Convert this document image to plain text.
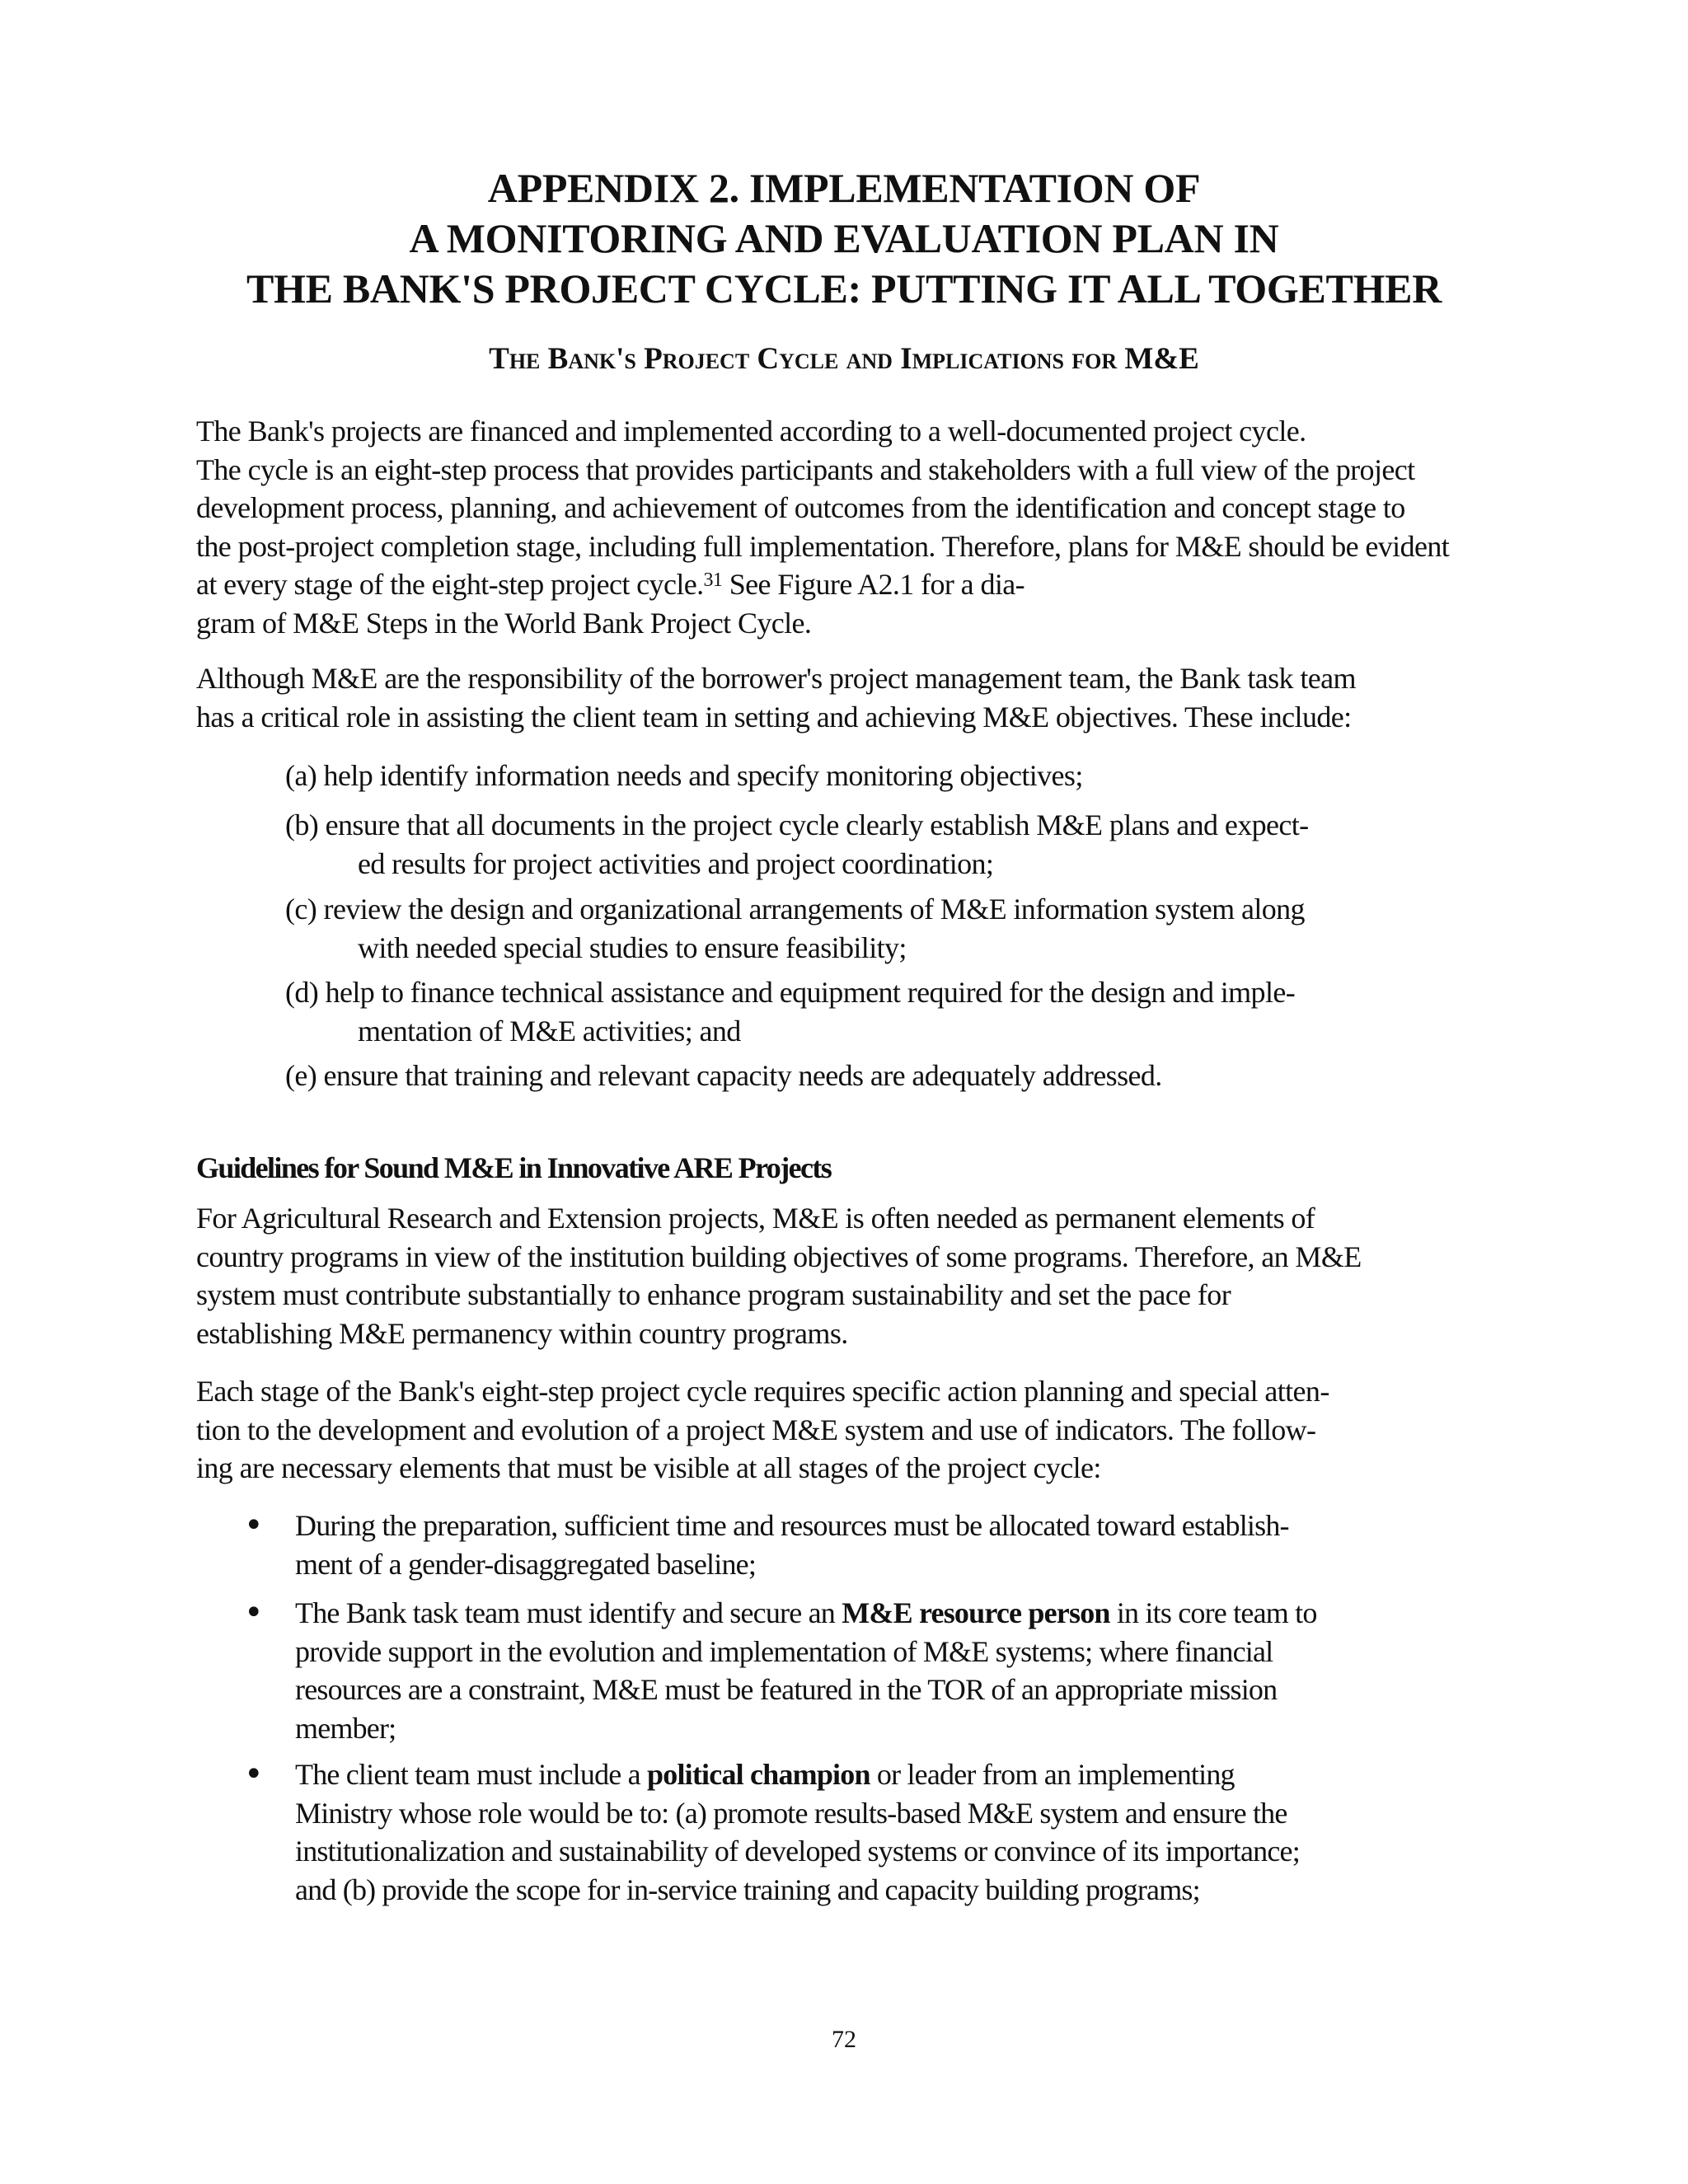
APPENDIX 2. IMPLEMENTATION OF
A MONITORING AND EVALUATION PLAN IN
THE BANK'S PROJECT CYCLE: PUTTING IT ALL TOGETHER
The Bank's Project Cycle and Implications for M&E
The Bank's projects are financed and implemented according to a well-documented project cycle.
The cycle is an eight-step process that provides participants and stakeholders with a full view of the project
development process, planning, and achievement of outcomes from the identification and concept stage to
the post-project completion stage, including full implementation. Therefore, plans for M&E should be evident
at every stage of the eight-step project cycle.$^{31}$ See Figure A2.1 for a dia-
gram of M&E Steps in the World Bank Project Cycle.
Although M&E are the responsibility of the borrower's project management team, the Bank task team
has a critical role in assisting the client team in setting and achieving M&E objectives. These include:
(a) help identify information needs and specify monitoring objectives;
(b) ensure that all documents in the project cycle clearly establish M&E plans and expect-
ed results for project activities and project coordination;
(c) review the design and organizational arrangements of M&E information system along
with needed special studies to ensure feasibility;
(d) help to finance technical assistance and equipment required for the design and imple-
mentation of M&E activities; and
(e) ensure that training and relevant capacity needs are adequately addressed.
Guidelines for Sound M&E in Innovative ARE Projects
For Agricultural Research and Extension projects, M&E is often needed as permanent elements of
country programs in view of the institution building objectives of some programs. Therefore, an M&E
system must contribute substantially to enhance program sustainability and set the pace for
establishing M&E permanency within country programs.
Each stage of the Bank's eight-step project cycle requires specific action planning and special atten-
tion to the development and evolution of a project M&E system and use of indicators. The follow-
ing are necessary elements that must be visible at all stages of the project cycle:
• During the preparation, sufficient time and resources must be allocated toward establish-
ment of a gender-disaggregated baseline;
• The Bank task team must identify and secure an M&E resource person in its core team to
provide support in the evolution and implementation of M&E systems; where financial
resources are a constraint, M&E must be featured in the TOR of an appropriate mission
member;
• The client team must include a political champion or leader from an implementing
Ministry whose role would be to: (a) promote results-based M&E system and ensure the
institutionalization and sustainability of developed systems or convince of its importance;
and (b) provide the scope for in-service training and capacity building programs;
72
